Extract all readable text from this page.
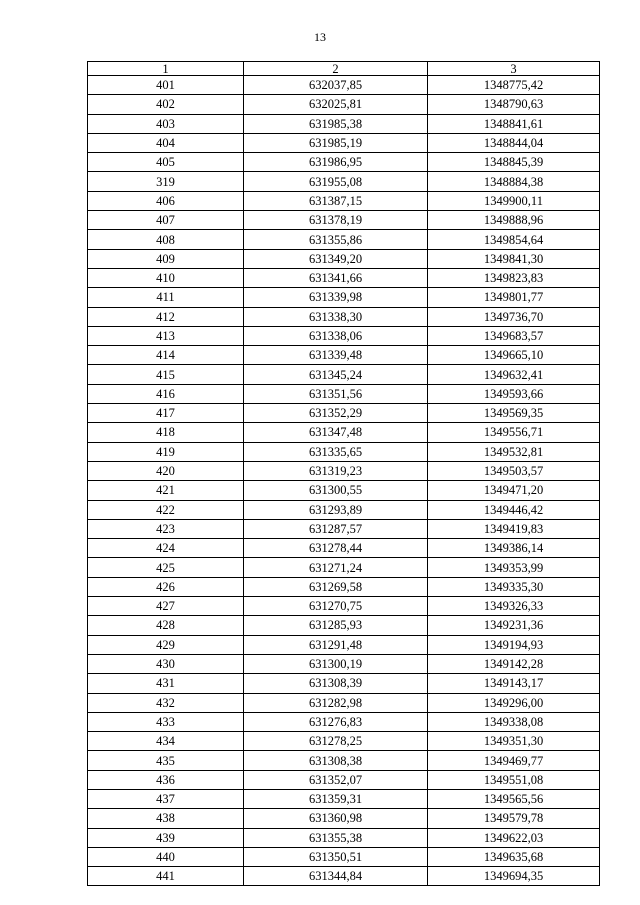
13
1	2	3
401	632037,85	1348775,42
402	632025,81	1348790,63
403	631985,38	1348841,61
404	631985,19	1348844,04
405	631986,95	1348845,39
319	631955,08	1348884,38
406	631387,15	1349900,11
407	631378,19	1349888,96
408	631355,86	1349854,64
409	631349,20	1349841,30
410	631341,66	1349823,83
411	631339,98	1349801,77
412	631338,30	1349736,70
413	631338,06	1349683,57
414	631339,48	1349665,10
415	631345,24	1349632,41
416	631351,56	1349593,66
417	631352,29	1349569,35
418	631347,48	1349556,71
419	631335,65	1349532,81
420	631319,23	1349503,57
421	631300,55	1349471,20
422	631293,89	1349446,42
423	631287,57	1349419,83
424	631278,44	1349386,14
425	631271,24	1349353,99
426	631269,58	1349335,30
427	631270,75	1349326,33
428	631285,93	1349231,36
429	631291,48	1349194,93
430	631300,19	1349142,28
431	631308,39	1349143,17
432	631282,98	1349296,00
433	631276,83	1349338,08
434	631278,25	1349351,30
435	631308,38	1349469,77
436	631352,07	1349551,08
437	631359,31	1349565,56
438	631360,98	1349579,78
439	631355,38	1349622,03
440	631350,51	1349635,68
441	631344,84	1349694,35
